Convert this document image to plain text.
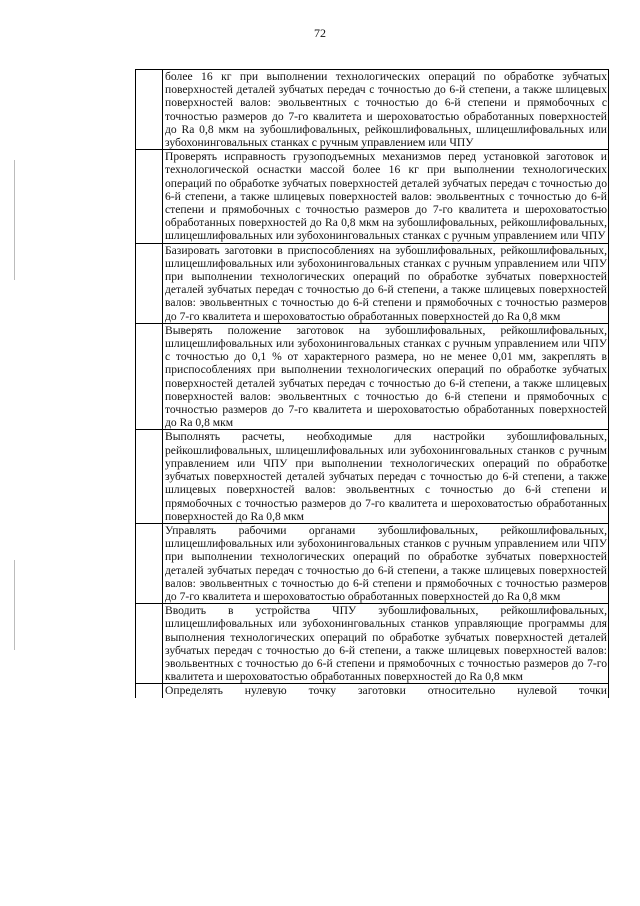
72
	более 16 кг при выполнении технологических операций по обработке зубчатых поверхностей деталей зубчатых передач с точностью до 6-й степени, а также шлицевых поверхностей валов: эвольвентных с точностью до 6-й степени и прямобочных с точностью размеров до 7-го квалитета и шероховатостью обработанных поверхностей до Ra 0,8 мкм на зубошлифовальных, рейкошлифовальных, шлицешлифовальных или зубохонинговальных станках с ручным управлением или ЧПУ
	Проверять исправность грузоподъемных механизмов перед установкой заготовок и технологической оснастки массой более 16 кг при выполнении технологических операций по обработке зубчатых поверхностей деталей зубчатых передач с точностью до 6-й степени, а также шлицевых поверхностей валов: эвольвентных с точностью до 6-й степени и прямобочных с точностью размеров до 7-го квалитета и шероховатостью обработанных поверхностей до Ra 0,8 мкм на зубошлифовальных, рейкошлифовальных, шлицешлифовальных или зубохонинговальных станках с ручным управлением или ЧПУ
	Базировать заготовки в приспособлениях на зубошлифовальных, рейкошлифовальных, шлицешлифовальных или зубохонинговальных станках с ручным управлением или ЧПУ при выполнении технологических операций по обработке зубчатых поверхностей деталей зубчатых передач с точностью до 6-й степени, а также шлицевых поверхностей валов: эвольвентных с точностью до 6-й степени и прямобочных с точностью размеров до 7-го квалитета и шероховатостью обработанных поверхностей до Ra 0,8 мкм
	Выверять положение заготовок на зубошлифовальных, рейкошлифовальных, шлицешлифовальных или зубохонинговальных станках с ручным управлением или ЧПУ с точностью до 0,1 % от характерного размера, но не менее 0,01 мм, закреплять в приспособлениях при выполнении технологических операций по обработке зубчатых поверхностей деталей зубчатых передач с точностью до 6-й степени, а также шлицевых поверхностей валов: эвольвентных с точностью до 6-й степени и прямобочных с точностью размеров до 7-го квалитета и шероховатостью обработанных поверхностей до Ra 0,8 мкм
	Выполнять расчеты, необходимые для настройки зубошлифовальных, рейкошлифовальных, шлицешлифовальных или зубохонинговальных станков с ручным управлением или ЧПУ при выполнении технологических операций по обработке зубчатых поверхностей деталей зубчатых передач с точностью до 6-й степени, а также шлицевых поверхностей валов: эвольвентных с точностью до 6-й степени и прямобочных с точностью размеров до 7-го квалитета и шероховатостью обработанных поверхностей до Ra 0,8 мкм
	Управлять рабочими органами зубошлифовальных, рейкошлифовальных, шлицешлифовальных или зубохонинговальных станков с ручным управлением или ЧПУ при выполнении технологических операций по обработке зубчатых поверхностей деталей зубчатых передач с точностью до 6-й степени, а также шлицевых поверхностей валов: эвольвентных с точностью до 6-й степени и прямобочных с точностью размеров до 7-го квалитета и шероховатостью обработанных поверхностей до Ra 0,8 мкм
	Вводить в устройства ЧПУ зубошлифовальных, рейкошлифовальных, шлицешлифовальных или зубохонинговальных станков управляющие программы для выполнения технологических операций по обработке зубчатых поверхностей деталей зубчатых передач с точностью до 6-й степени, а также шлицевых поверхностей валов: эвольвентных с точностью до 6-й степени и прямобочных с точностью размеров до 7-го квалитета и шероховатостью обработанных поверхностей до Ra 0,8 мкм
	Определять нулевую точку заготовки относительно нулевой точки
